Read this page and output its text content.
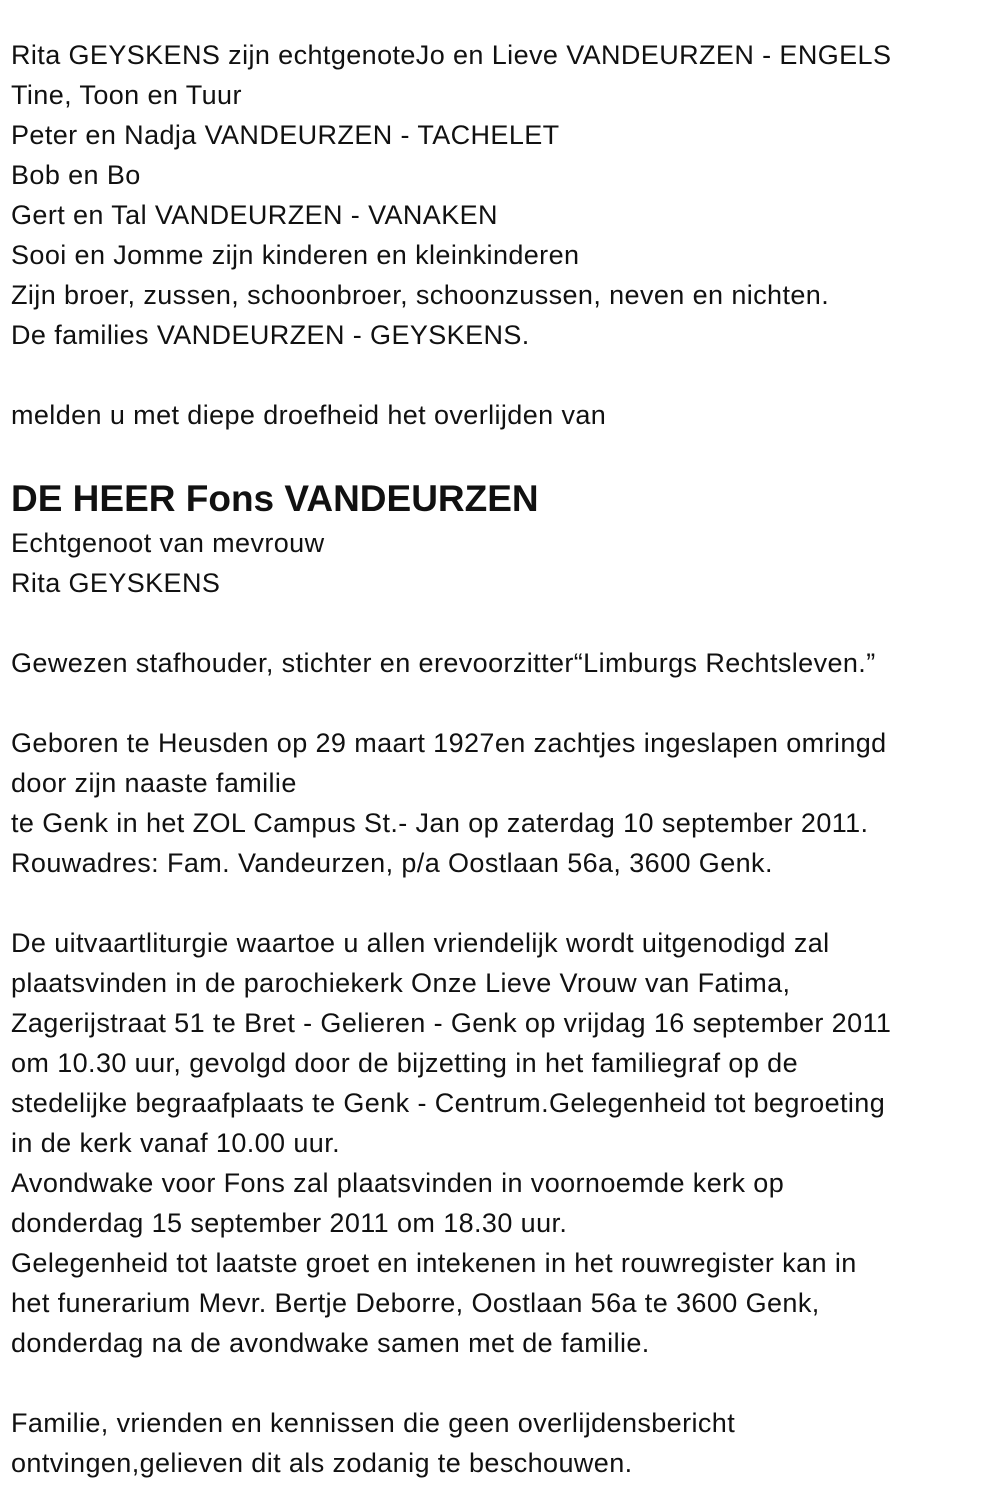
Rita GEYSKENS zijn echtgenoteJo en Lieve VANDEURZEN - ENGELS
Tine, Toon en Tuur
Peter en Nadja VANDEURZEN - TACHELET
Bob en Bo
Gert en Tal VANDEURZEN - VANAKEN
Sooi en Jomme zijn kinderen en kleinkinderen
Zijn broer, zussen, schoonbroer, schoonzussen, neven en nichten.
De families VANDEURZEN - GEYSKENS.
melden u met diepe droefheid het overlijden van
DE HEER Fons VANDEURZEN
Echtgenoot van mevrouw
Rita GEYSKENS
Gewezen stafhouder, stichter en erevoorzitter“Limburgs Rechtsleven.”
Geboren te Heusden op 29 maart 1927en zachtjes ingeslapen omringd
door zijn naaste familie
te Genk in het ZOL Campus St.- Jan op zaterdag 10 september 2011.
Rouwadres: Fam. Vandeurzen, p/a Oostlaan 56a, 3600 Genk.
De uitvaartliturgie waartoe u allen vriendelijk wordt uitgenodigd zal
plaatsvinden in de parochiekerk Onze Lieve Vrouw van Fatima,
Zagerijstraat 51 te Bret - Gelieren - Genk op vrijdag 16 september 2011
om 10.30 uur, gevolgd door de bijzetting in het familiegraf op de
stedelijke begraafplaats te Genk - Centrum.Gelegenheid tot begroeting
in de kerk vanaf 10.00 uur.
Avondwake voor Fons zal plaatsvinden in voornoemde kerk op
donderdag 15 september 2011 om 18.30 uur.
Gelegenheid tot laatste groet en intekenen in het rouwregister kan in
het funerarium Mevr. Bertje Deborre, Oostlaan 56a te 3600 Genk,
donderdag na de avondwake samen met de familie.
Familie, vrienden en kennissen die geen overlijdensbericht
ontvingen,gelieven dit als zodanig te beschouwen.
